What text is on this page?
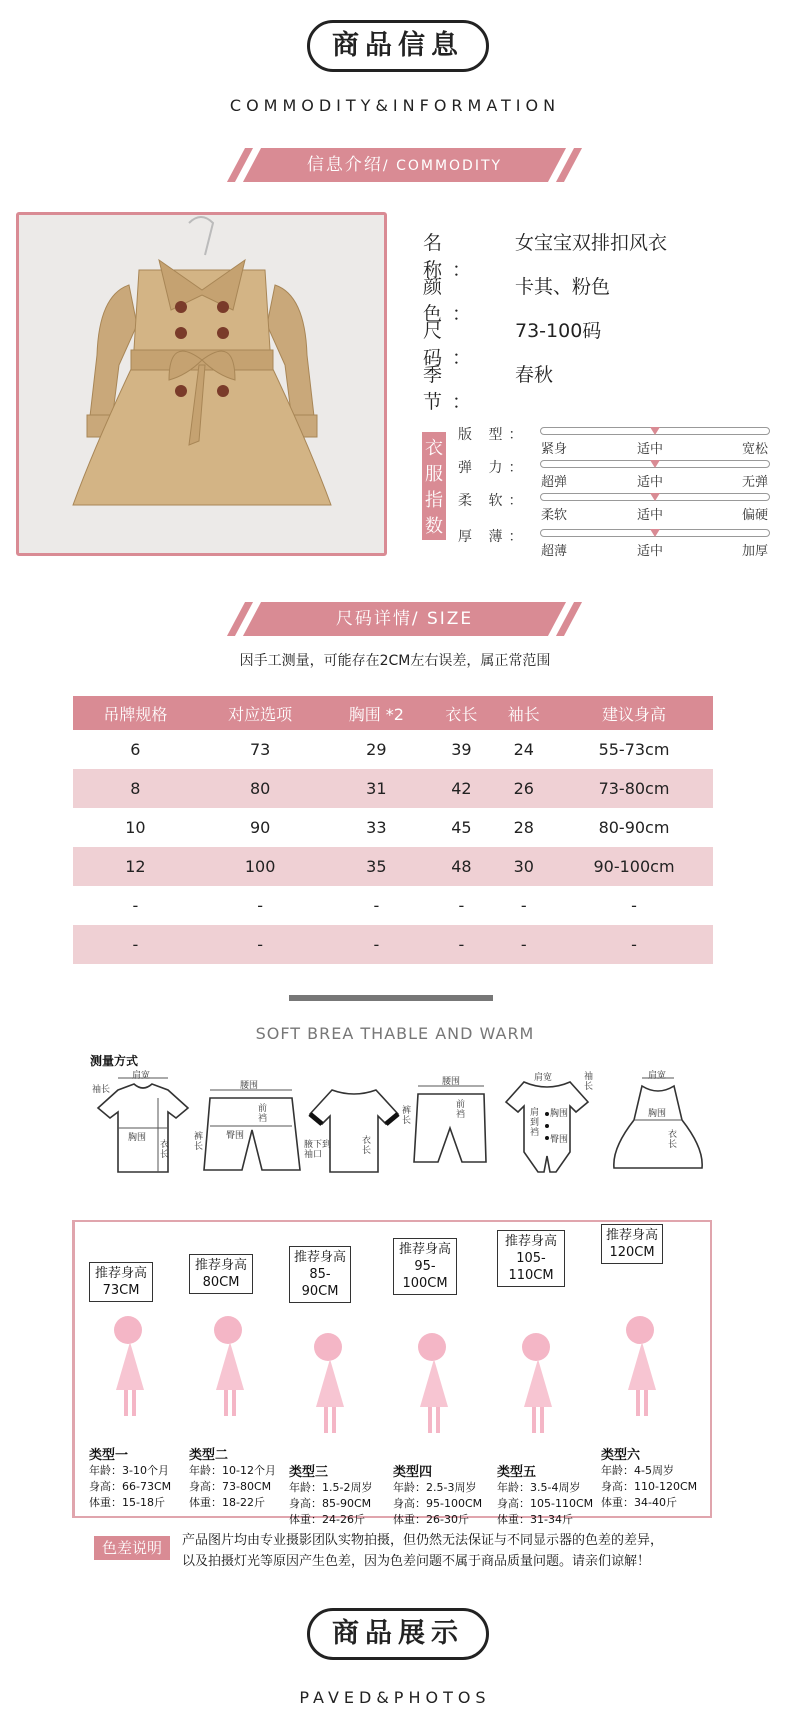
商品信息
COMMODITY&INFORMATION
信息介绍/ COMMODITY
名 称：
女宝宝双排扣风衣
颜 色：
卡其、粉色
尺 码：
73-100码
季 节：
春秋
衣服指数
版 型：
紧身	适中	宽松
弹 力：
超弹	适中	无弹
柔 软：
柔软	适中	偏硬
厚 薄：
超薄	适中	加厚
尺码详情/ SIZE
因手工测量，可能存在2CM左右误差，属正常范围
吊牌规格	对应选项	胸围 *2	衣长	袖长	建议身高
6	73	29	39	24	55-73cm
8	80	31	42	26	73-80cm
10	90	33	45	28	80-90cm
12	100	35	48	30	90-100cm
-	-	-	-	-	-
-	-	-	-	-	-
SOFT BREA THABLE AND WARM
测量方式
肩宽
袖长
胸围
衣长
腰围
臀围
前裆
裤长	腋下到袖口
衣长
腰围
前裆
裤长
肩宽	袖长
胸围
肩到裆
臀围
肩宽
胸围
衣长
推荐身高
73CM
类型一
年龄：3-10个月
身高：66-73CM
体重：15-18斤
推荐身高
80CM
类型二
年龄：10-12个月
身高：73-80CM
体重：18-22斤
推荐身高
85-90CM
类型三
年龄：1.5-2周岁
身高：85-90CM
体重：24-26斤
推荐身高
95-100CM
类型四
年龄：2.5-3周岁
身高：95-100CM
体重：26-30斤
推荐身高
105-110CM
类型五
年龄：3.5-4周岁
身高：105-110CM
体重：31-34斤
推荐身高
120CM
类型六
年龄：4-5周岁
身高：110-120CM
体重：34-40斤
色差说明	产品图片均由专业摄影团队实物拍摄，但仍然无法保证与不同显示器的色差的差异，
以及拍摄灯光等原因产生色差，因为色差问题不属于商品质量问题。请亲们谅解！
商品展示
PAVED&PHOTOS
